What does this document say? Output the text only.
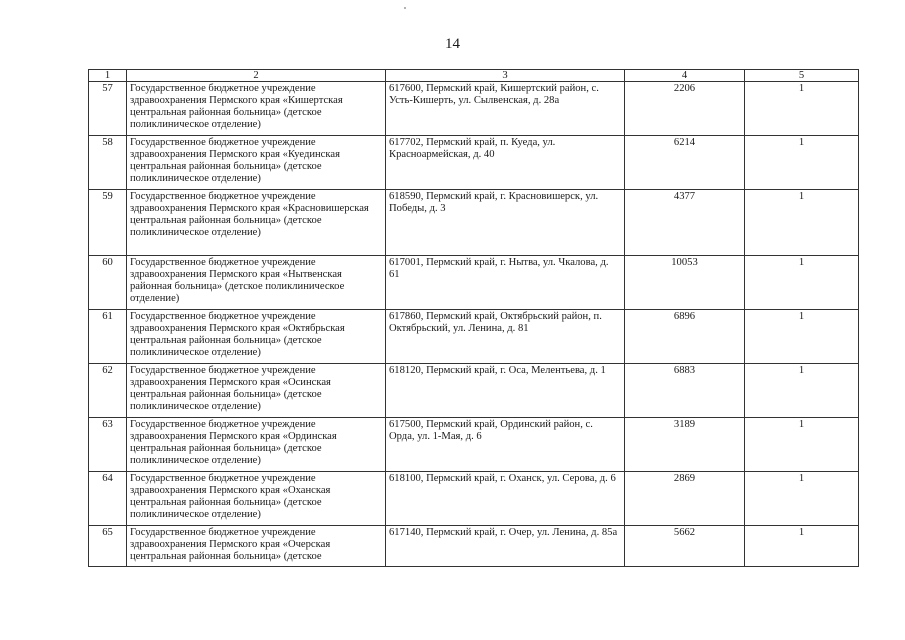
14
1	2	3	4	5
57	Государственное бюджетное учреждение здравоохранения Пермского края «Кишертская центральная районная больница» (детское поликлиническое отделение)	617600, Пермский край, Кишертский район, с. Усть-Кишерть, ул. Сылвенская, д. 28а	2206	1
58	Государственное бюджетное учреждение здравоохранения Пермского края «Куединская центральная районная больница» (детское поликлиническое отделение)	617702, Пермский край, п. Куеда, ул. Красноармейская, д. 40	6214	1
59	Государственное бюджетное учреждение здравоохранения Пермского края «Красновишерская центральная районная больница» (детское поликлиническое отделение)	618590, Пермский край, г. Красновишерск, ул. Победы, д. 3	4377	1
60	Государственное бюджетное учреждение здравоохранения Пермского края «Нытвенская районная больница» (детское поликлиническое отделение)	617001, Пермский край, г. Нытва, ул. Чкалова, д. 61	10053	1
61	Государственное бюджетное учреждение здравоохранения Пермского края «Октябрьская центральная районная больница» (детское поликлиническое отделение)	617860, Пермский край, Октябрьский район, п. Октябрьский, ул. Ленина, д. 81	6896	1
62	Государственное бюджетное учреждение здравоохранения Пермского края «Осинская центральная районная больница» (детское поликлиническое отделение)	618120, Пермский край, г. Оса, Мелентьева, д. 1	6883	1
63	Государственное бюджетное учреждение здравоохранения Пермского края «Ординская центральная районная больница» (детское поликлиническое отделение)	617500, Пермский край, Ординский район, с. Орда, ул. 1-Мая, д. 6	3189	1
64	Государственное бюджетное учреждение здравоохранения Пермского края «Оханская центральная районная больница» (детское поликлиническое отделение)	618100, Пермский край, г. Оханск, ул. Серова, д. 6	2869	1
65	Государственное бюджетное учреждение здравоохранения Пермского края «Очерская центральная районная больница» (детское	617140, Пермский край, г. Очер, ул. Ленина, д. 85а	5662	1
